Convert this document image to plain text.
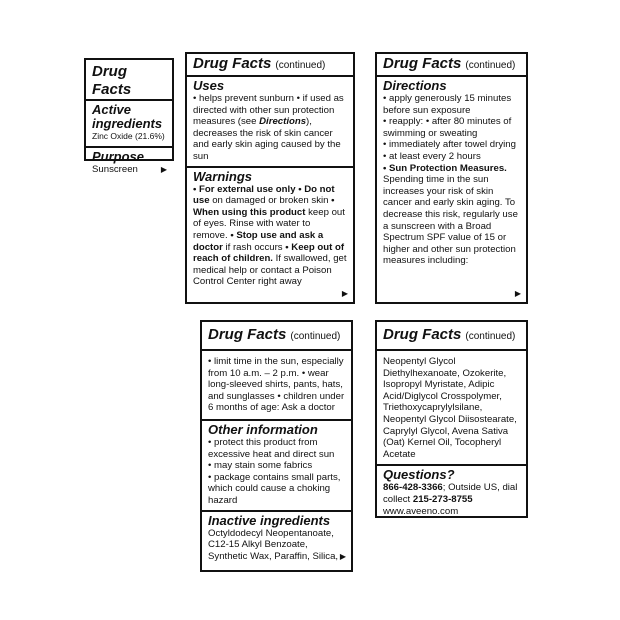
Drug Facts
Active ingredients
Zinc Oxide (21.6%)
Purpose
Sunscreen	▶
Drug Facts (continued)
Uses
• helps prevent sunburn • if used as directed with other sun protection measures (see Directions), decreases the risk of skin cancer and early skin aging caused by the sun
Warnings
• For external use only • Do not use on damaged or broken skin • When using this product keep out of eyes. Rinse with water to remove. • Stop use and ask a doctor if rash occurs • Keep out of reach of children. If swallowed, get medical help or contact a Poison Control Center right away
▶
Drug Facts (continued)
Directions
• apply generously 15 minutes before sun exposure
• reapply: • after 80 minutes of swimming or sweating
• immediately after towel drying
• at least every 2 hours
• Sun Protection Measures.
Spending time in the sun increases your risk of skin cancer and early skin aging. To decrease this risk, regularly use a sunscreen with a Broad Spectrum SPF value of 15 or higher and other sun protection measures including:
▶
Drug Facts (continued)
• limit time in the sun, especially from 10 a.m. – 2 p.m. • wear long-sleeved shirts, pants, hats, and sunglasses • children under 6 months of age: Ask a doctor
Other information
• protect this product from excessive heat and direct sun
• may stain some fabrics
• package contains small parts, which could cause a choking hazard
Inactive ingredients
Octyldodecyl Neopentanoate, C12-15 Alkyl Benzoate, Synthetic Wax, Paraffin, Silica, ▶
Drug Facts (continued)
Neopentyl Glycol Diethylhexanoate, Ozokerite, Isopropyl Myristate, Adipic Acid/Diglycol Crosspolymer, Triethoxycaprylylsilane, Neopentyl Glycol Diisostearate, Caprylyl Glycol, Avena Sativa (Oat) Kernel Oil, Tocopheryl Acetate
Questions?
866-428-3366; Outside US, dial collect 215-273-8755
www.aveeno.com
